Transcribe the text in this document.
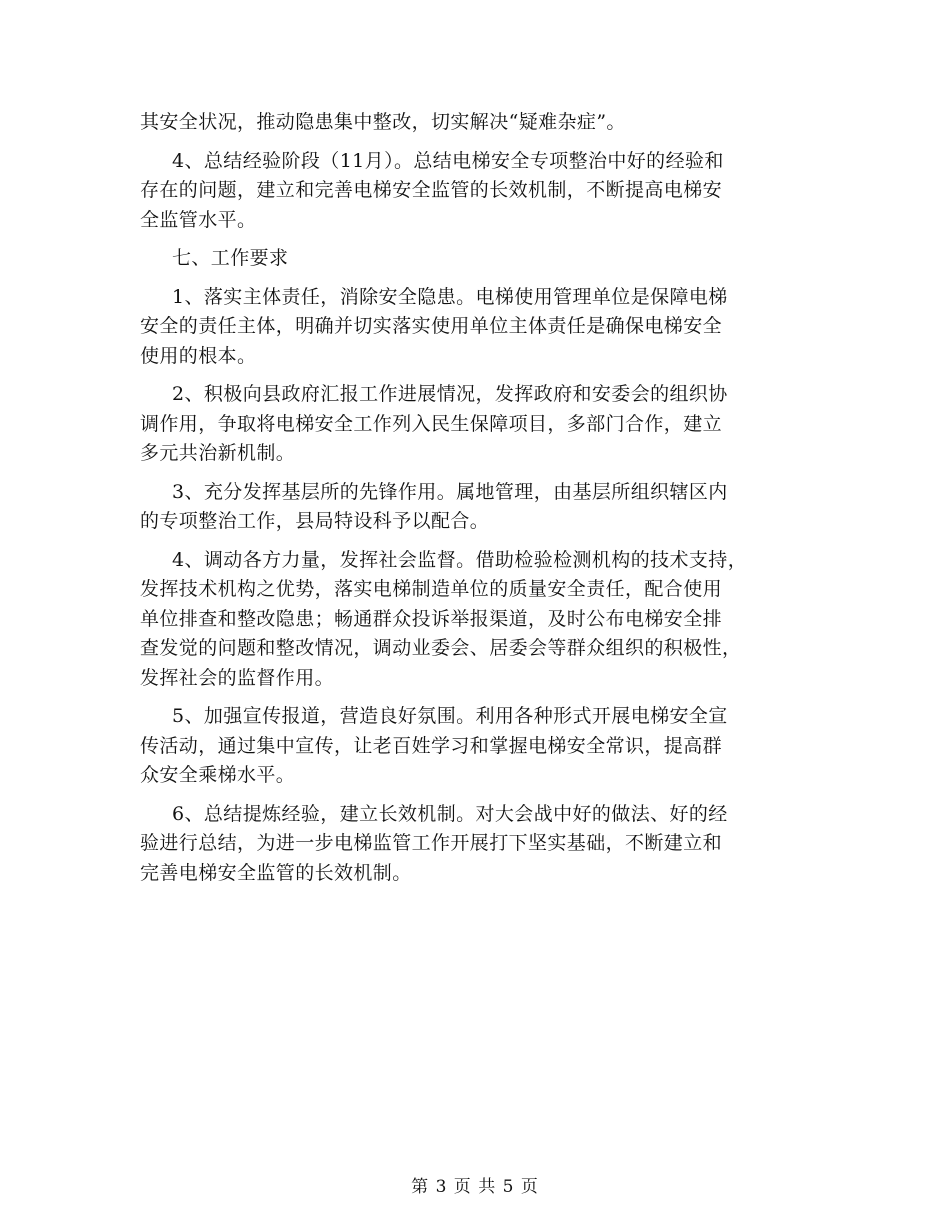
其安全状况，推动隐患集中整改，切实解决“疑难杂症”。

4、总结经验阶段（11月）。总结电梯安全专项整治中好的经验和
存在的问题，建立和完善电梯安全监管的长效机制，不断提高电梯安
全监管水平。

七、工作要求

1、落实主体责任，消除安全隐患。电梯使用管理单位是保障电梯
安全的责任主体，明确并切实落实使用单位主体责任是确保电梯安全
使用的根本。

2、积极向县政府汇报工作进展情况，发挥政府和安委会的组织协
调作用，争取将电梯安全工作列入民生保障项目，多部门合作，建立
多元共治新机制。

3、充分发挥基层所的先锋作用。属地管理，由基层所组织辖区内
的专项整治工作，县局特设科予以配合。

4、调动各方力量，发挥社会监督。借助检验检测机构的技术支持，
发挥技术机构之优势，落实电梯制造单位的质量安全责任，配合使用
单位排查和整改隐患；畅通群众投诉举报渠道，及时公布电梯安全排
查发觉的问题和整改情况，调动业委会、居委会等群众组织的积极性，
发挥社会的监督作用。

5、加强宣传报道，营造良好氛围。利用各种形式开展电梯安全宣
传活动，通过集中宣传，让老百姓学习和掌握电梯安全常识，提高群
众安全乘梯水平。

6、总结提炼经验，建立长效机制。对大会战中好的做法、好的经
验进行总结，为进一步电梯监管工作开展打下坚实基础，不断建立和
完善电梯安全监管的长效机制。

第 3 页 共 5 页
